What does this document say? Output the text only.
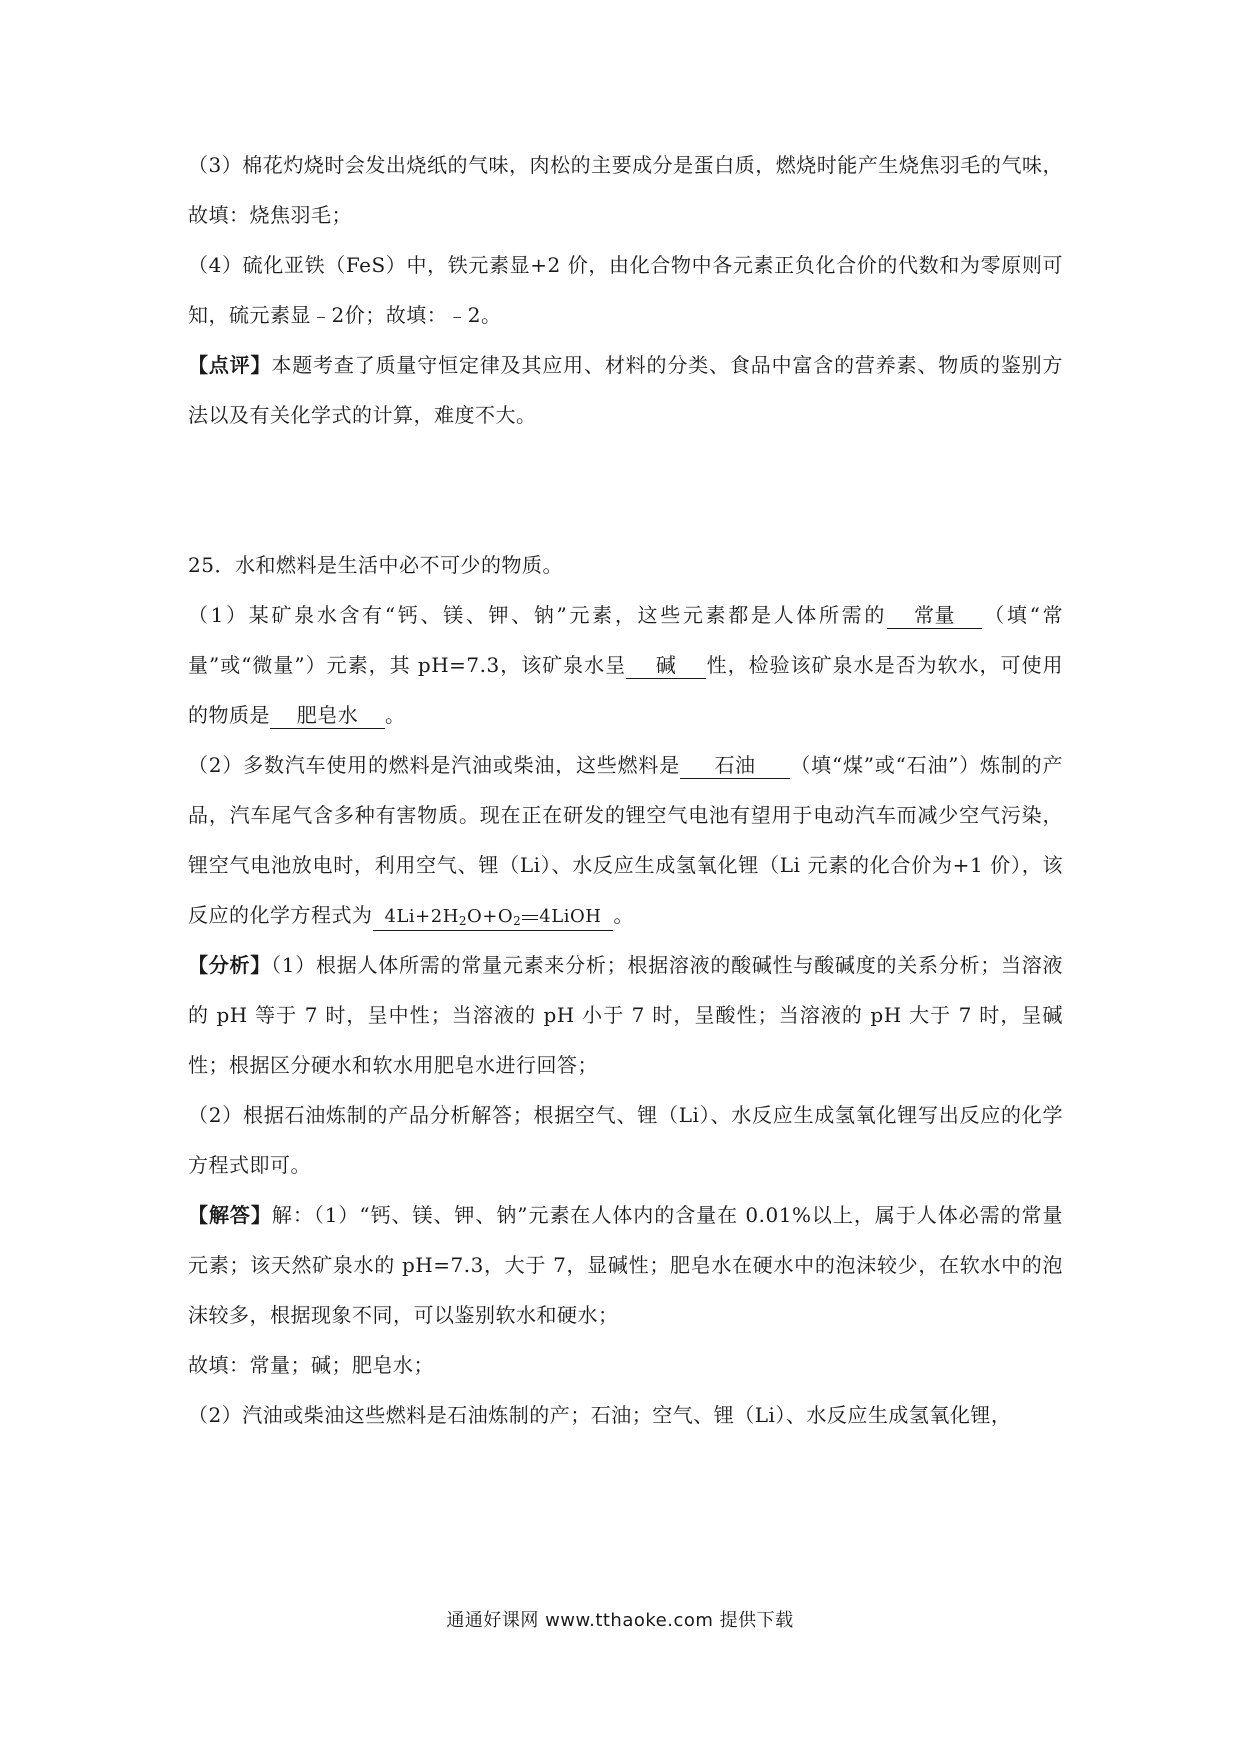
（3）棉花灼烧时会发出烧纸的气味，肉松的主要成分是蛋白质，燃烧时能产生烧焦羽毛的气味，故填：烧焦羽毛；
（4）硫化亚铁（FeS）中，铁元素显+2 价，由化合物中各元素正负化合价的代数和为零原则可知，硫元素显﹣2价；故填：﹣2。
【点评】本题考查了质量守恒定律及其应用、材料的分类、食品中富含的营养素、物质的鉴别方法以及有关化学式的计算，难度不大。
25．水和燃料是生活中必不可少的物质。
（1）某矿泉水含有“钙、镁、钾、钠”元素，这些元素都是人体所需的 常量 （填“常量”或“微量”）元素，其 pH=7.3，该矿泉水呈 碱 性，检验该矿泉水是否为软水，可使用的物质是 肥皂水 。
（2）多数汽车使用的燃料是汽油或柴油，这些燃料是 石油 （填“煤”或“石油”）炼制的产品，汽车尾气含多种有害物质。现在正在研发的锂空气电池有望用于电动汽车而减少空气污染，锂空气电池放电时，利用空气、锂（Li）、水反应生成氢氧化锂（Li 元素的化合价为+1 价），该反应的化学方程式为 $4Li+2H_2O+O_2$ 4LiOH 。
【分析】（1）根据人体所需的常量元素来分析；根据溶液的酸碱性与酸碱度的关系分析；当溶液的 pH 等于 7 时，呈中性；当溶液的 pH 小于 7 时，呈酸性；当溶液的 pH 大于 7 时，呈碱性；根据区分硬水和软水用肥皂水进行回答；
（2）根据石油炼制的产品分析解答；根据空气、锂（Li）、水反应生成氢氧化锂写出反应的化学方程式即可。
【解答】解：（1）“钙、镁、钾、钠”元素在人体内的含量在 0.01%以上，属于人体必需的常量元素；该天然矿泉水的 pH=7.3，大于 7，显碱性；肥皂水在硬水中的泡沫较少，在软水中的泡沫较多，根据现象不同，可以鉴别软水和硬水；
故填：常量；碱；肥皂水；
（2）汽油或柴油这些燃料是石油炼制的产；石油；空气、锂（Li）、水反应生成氢氧化锂，
通通好课网 www.tthaoke.com 提供下载
